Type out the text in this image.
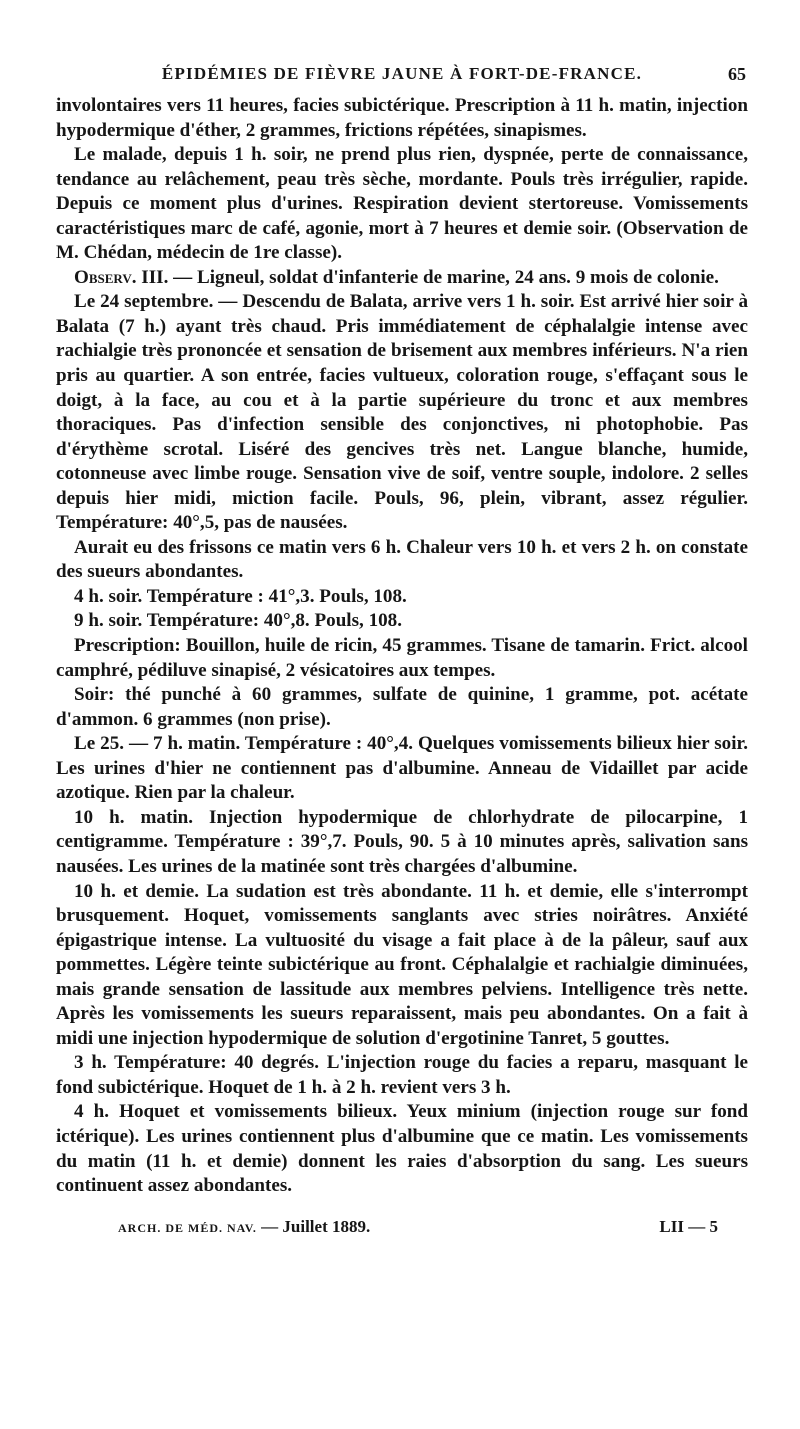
ÉPIDÉMIES DE FIÈVRE JAUNE À FORT-DE-FRANCE.	65

involontaires vers 11 heures, facies subictérique. Prescription à 11 h. matin, injection hypodermique d'éther, 2 grammes, frictions répétées, sinapismes.

Le malade, depuis 1 h. soir, ne prend plus rien, dyspnée, perte de connaissance, tendance au relâchement, peau très sèche, mordante. Pouls très irrégulier, rapide. Depuis ce moment plus d'urines. Respiration devient stertoreuse. Vomissements caractéristiques marc de café, agonie, mort à 7 heures et demie soir. (Observation de M. Chédan, médecin de 1re classe).

Observ. III. — Ligneul, soldat d'infanterie de marine, 24 ans. 9 mois de colonie.

Le 24 septembre. — Descendu de Balata, arrive vers 1 h. soir. Est arrivé hier soir à Balata (7 h.) ayant très chaud. Pris immédiatement de céphalalgie intense avec rachialgie très prononcée et sensation de brisement aux membres inférieurs. N'a rien pris au quartier. A son entrée, facies vultueux, coloration rouge, s'effaçant sous le doigt, à la face, au cou et à la partie supérieure du tronc et aux membres thoraciques. Pas d'infection sensible des conjonctives, ni photophobie. Pas d'érythème scrotal. Liséré des gencives très net. Langue blanche, humide, cotonneuse avec limbe rouge. Sensation vive de soif, ventre souple, indolore. 2 selles depuis hier midi, miction facile. Pouls, 96, plein, vibrant, assez régulier. Température: 40°,5, pas de nausées.

Aurait eu des frissons ce matin vers 6 h. Chaleur vers 10 h. et vers 2 h. on constate des sueurs abondantes.

4 h. soir. Température : 41°,3. Pouls, 108.

9 h. soir. Température: 40°,8. Pouls, 108.

Prescription: Bouillon, huile de ricin, 45 grammes. Tisane de tamarin. Frict. alcool camphré, pédiluve sinapisé, 2 vésicatoires aux tempes.

Soir: thé punché à 60 grammes, sulfate de quinine, 1 gramme, pot. acétate d'ammon. 6 grammes (non prise).

Le 25. — 7 h. matin. Température : 40°,4. Quelques vomissements bilieux hier soir. Les urines d'hier ne contiennent pas d'albumine. Anneau de Vidaillet par acide azotique. Rien par la chaleur.

10 h. matin. Injection hypodermique de chlorhydrate de pilocarpine, 1 centigramme. Température : 39°,7. Pouls, 90. 5 à 10 minutes après, salivation sans nausées. Les urines de la matinée sont très chargées d'albumine.

10 h. et demie. La sudation est très abondante. 11 h. et demie, elle s'interrompt brusquement. Hoquet, vomissements sanglants avec stries noirâtres. Anxiété épigastrique intense. La vultuosité du visage a fait place à de la pâleur, sauf aux pommettes. Légère teinte subictérique au front. Céphalalgie et rachialgie diminuées, mais grande sensation de lassitude aux membres pelviens. Intelligence très nette. Après les vomissements les sueurs reparaissent, mais peu abondantes. On a fait à midi une injection hypodermique de solution d'ergotinine Tanret, 5 gouttes.

3 h. Température: 40 degrés. L'injection rouge du facies a reparu, masquant le fond subictérique. Hoquet de 1 h. à 2 h. revient vers 3 h.

4 h. Hoquet et vomissements bilieux. Yeux minium (injection rouge sur fond ictérique). Les urines contiennent plus d'albumine que ce matin. Les vomissements du matin (11 h. et demie) donnent les raies d'absorption du sang. Les sueurs continuent assez abondantes.

ARCH. DE MÉD. NAV. — Juillet 1889.	LII — 5
